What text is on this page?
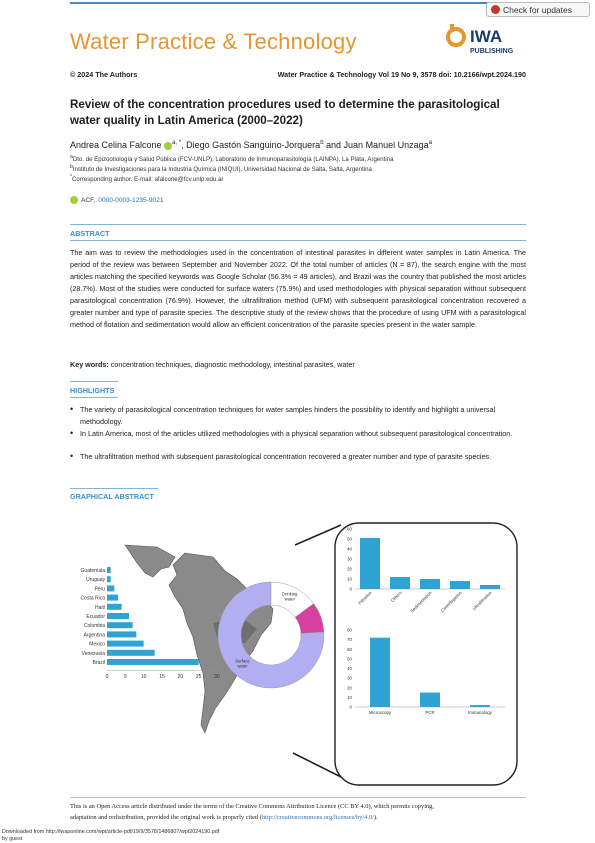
Check for updates
Water Practice & Technology	IWA
PUBLISHING
© 2024 The Authors	Water Practice & Technology Vol 19 No 9, 3578 doi: 10.2166/wpt.2024.190
Review of the concentration procedures used to determine the parasitological
water quality in Latin America (2000–2022)
Andrea Celina Falcone $^{a, *}$, Diego Gastón Sanguino-Jorquera$^b$ and Juan Manuel Unzaga$^a$
$^a$Dto. de Epizootiología y Salud Pública (FCV-UNLP), Laboratorio de Inmunoparasitología (LAINPA), La Plata, Argentina
$^b$Instituto de Investigaciones para la Industria Química (INIQUI), Universidad Nacional de Salta, Salta, Argentina
*Corresponding author. E-mail: afalcone@fcv.unlp.edu.ar
ACF, 0000-0003-1235-9021
ABSTRACT
The aim was to review the methodologies used in the concentration of intestinal parasites in different water samples in Latin America. The period of the review was between September and November 2022. Of the total number of articles (N = 87), the search engine with the most articles matching the specified keywords was Google Scholar (56.3% = 49 articles), and Brazil was the country that published the most articles (28.7%). Most of the studies were conducted for surface waters (75.9%) and used methodologies with physical separation without subsequent parasitological concentration (76.9%). However, the ultrafiltration method (UFM) with subsequent parasitological concentration recovered a greater number and type of parasite species. The descriptive study of the review shows that the procedure of using UFM with a parasitological method of flotation and sedimentation would allow an efficient concentration of the parasite species present in the water sample.
Key words: concentration techniques, diagnostic methodology, intestinal parasites, water
HIGHLIGHTS
• The variety of parasitological concentration techniques for water samples hinders the possibility to identify and highlight a universal methodology.
• In Latin America, most of the articles utilized methodologies with a physical separation without subsequent parasitological concentration.
• The ultrafiltration method with subsequent parasitological concentration recovered a greater number and type of parasite species.
GRAPHICAL ABSTRACT
Guatemala
Uruguay
Peru
Costa Rica
Haiti
Ecuador
Colombia
Argentina
Mexico
Venezuela
Brazil
0	5	10	15	20	25	30
Surface
water
Drinking
water
0
10
20
30
40
50
60
Filtration	Others Sedimentation Centrifugation Ultrafiltration
0
10
20
30
40
50
60
70
80
Microscopy	PCR	Immunology
This is an Open Access article distributed under the terms of the Creative Commons Attribution Licence (CC BY 4.0), which permits copying,
adaptation and redistribution, provided the original work is properly cited (http://creativecommons.org/licenses/by/4.0/).
Downloaded from http://iwaponline.com/wpt/article-pdf/19/9/3578/1486807/wpt2024190.pdf
by guest
